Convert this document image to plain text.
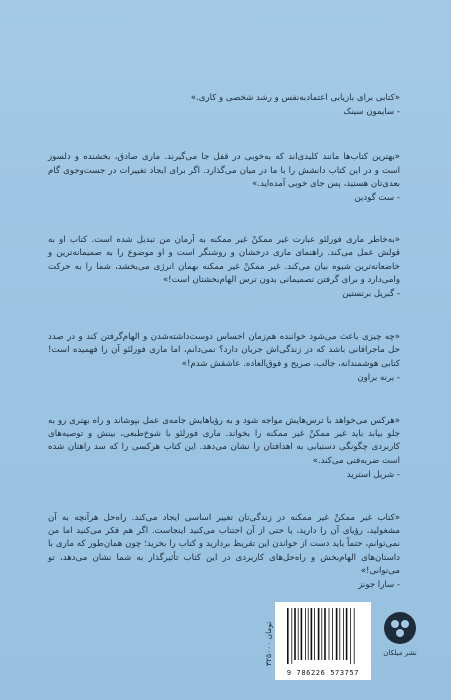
«کتابی برای بازیابی اعتمادبه‌نفس و رشد شخصی و کاری.»

- سایمون سینک

«بهترین کتاب‌ها مانند کلیدی‌اند که به‌خوبی در قفل جا می‌گیرند. ماری صادق، بخشنده و دلسوز است و در این کتاب دانشش را با ما در میان می‌گذارد. اگر برای ایجاد تغییرات در جست‌وجوی گام بعدی‌تان هستید، پس جای خوبی آمده‌اید.»

- ست گودین

«به‌خاطر ماری فورلئو عبارت غیر ممکنْ غیر ممکنه به آرمان من تبدیل شده است. کتاب او به قولش عمل می‌کند. راهنمای ماری درخشان و روشنگر است و او موضوع را به صمیمانه‌ترین و خاضعانه‌ترین شیوه بیان می‌کند. غیر ممکنْ غیر ممکنه بهمان انرژی می‌بخشد، شما را به حرکت وامی‌دارد و برای گرفتن تصمیماتی بدون ترس الهام‌بخشتان است!»

- گبریل برنستین

«چه چیزی باعث می‌شود خواننده هم‌زمان احساس دوست‌داشته‌شدن و الهام‌گرفتن کند و در صدد حل ماجرافانی باشد که در زندگی‌اش جریان دارد؟ نمی‌دانم، اما ماری فورلئو آن را فهمیده است! کتابی هوشمندانه، جالب، صریح و فوق‌العاده. عاشقش شدم!»

- برنه براون

«هرکس می‌خواهد با ترس‌هایش مواجه شود و به رؤیاهایش جامه‌ی عمل بپوشاند و راه بهتری رو به جلو بیابد باید غیر ممکنْ غیر ممکنه را بخواند. ماری فورلئو با شوخ‌طبعی، بینش و توصیه‌های کاربردی چگونگی دستیابی به اهدافتان را نشان می‌دهد. این کتاب هرکسی را که سد راهتان شده است ضربه‌فنی می‌کند.»

- شریل استرید

«کتاب غیر ممکنْ غیر ممکنه در زندگی‌تان تغییر اساسی ایجاد می‌کند. راه‌حل هرآنچه به آن مشغولید، رؤیای آن را دارید، یا حتی از آن اجتناب می‌کنید اینجاست. اگر هم فکر می‌کنید اما من نمی‌توانم، حتماً باید دست از خواندن این تقریظ بردارید و کتاب را بخرید؛ چون همان‌طور که ماری با داستان‌های الهام‌بخش و راه‌حل‌های کاربردی در این کتاب تأثیرگذار به شما نشان می‌دهد، تو می‌توانی!»

- سارا جونز

۳۲۵۰۰۰ تومان
9 786226 573757
نشر میلکان
